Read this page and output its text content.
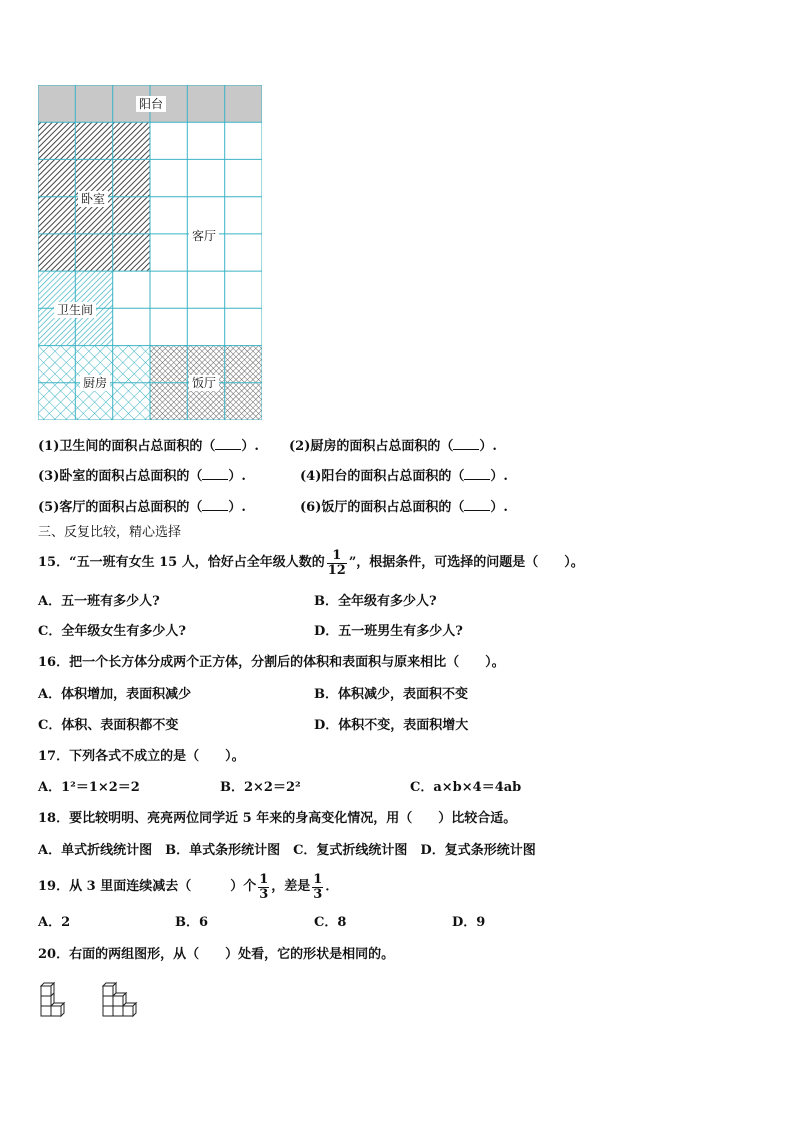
阳台
卧室
客厅
卫生间
厨房	饭厅
(1)卫生间的面积占总面积的（ ）. (2)厨房的面积占总面积的（ ）.
(3)卧室的面积占总面积的（ ）.	(4)阳台的面积占总面积的（ ）.
(5)客厅的面积占总面积的（ ）.	(6)饭厅的面积占总面积的（ ）.
三、反复比较，精心选择
15．“五一班有女生 15 人，恰好占全年级人数的 $\frac{1}{12}$ ”，根据条件，可选择的问题是（　　）。
A．五一班有多少人?	B．全年级有多少人?
C．全年级女生有多少人?	D．五一班男生有多少人?
16．把一个长方体分成两个正方体，分割后的体积和表面积与原来相比（　　）。
A．体积增加，表面积减少	B．体积减少，表面积不变
C．体积、表面积都不变	D．体积不变，表面积增大
17．下列各式不成立的是（　　）。
A．1²＝1×2＝2	B．2×2＝2²	C．a×b×4＝4ab
18．要比较明明、亮亮两位同学近 5 年来的身高变化情况，用（　　）比较合适。
A．单式折线统计图　B．单式条形统计图　C．复式折线统计图　D．复式条形统计图
19．从 3 里面连续减去（　　　）个 $\frac{1}{3}$ ，差是 $\frac{1}{3}$ ．
A．2	B．6	C．8	D．9
20．右面的两组图形，从（　　）处看，它的形状是相同的。
